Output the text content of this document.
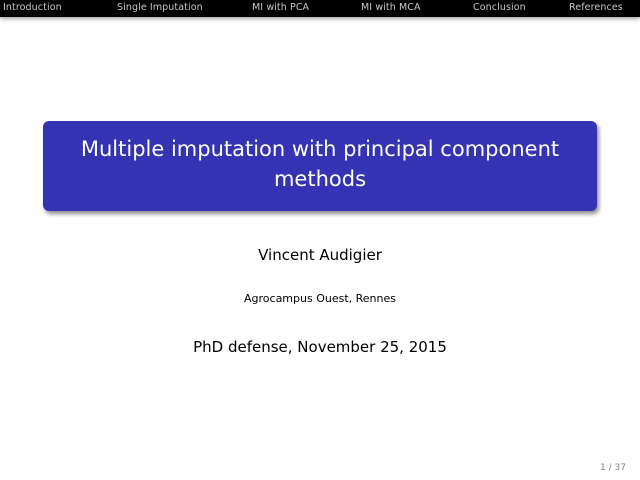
Introduction	Single Imputation	MI with PCA	MI with MCA	Conclusion	References
Multiple imputation with principal component
methods
Vincent Audigier
Agrocampus Ouest, Rennes
PhD defense, November 25, 2015
1 / 37
